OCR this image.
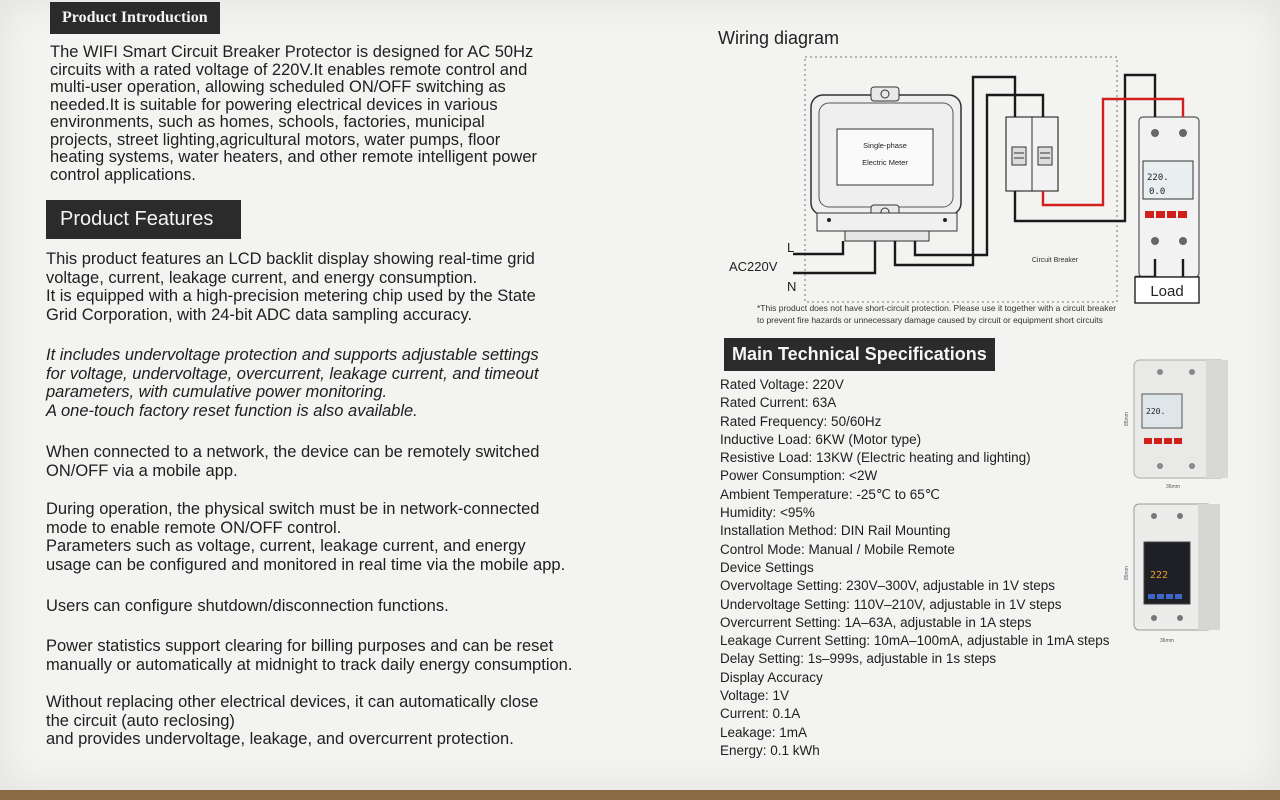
Product Introduction
The WIFI Smart Circuit Breaker Protector is designed for AC 50Hz
circuits with a rated voltage of 220V.It enables remote control and
multi-user operation, allowing scheduled ON/OFF switching as
needed.It is suitable for powering electrical devices in various
environments, such as homes, schools, factories, municipal
projects, street lighting,agricultural motors, water pumps, floor
heating systems, water heaters, and other remote intelligent power
control applications.
Product Features
This product features an LCD backlit display showing real-time grid
voltage, current, leakage current, and energy consumption.
It is equipped with a high-precision metering chip used by the State
Grid Corporation, with 24-bit ADC data sampling accuracy.
It includes undervoltage protection and supports adjustable settings
for voltage, undervoltage, overcurrent, leakage current, and timeout
parameters, with cumulative power monitoring.
A one-touch factory reset function is also available.
When connected to a network, the device can be remotely switched
ON/OFF via a mobile app.
During operation, the physical switch must be in network-connected
mode to enable remote ON/OFF control.
Parameters such as voltage, current, leakage current, and energy
usage can be configured and monitored in real time via the mobile app.
Users can configure shutdown/disconnection functions.
Power statistics support clearing for billing purposes and can be reset
manually or automatically at midnight to track daily energy consumption.
Without replacing other electrical devices, it can automatically close
the circuit (auto reclosing)
and provides undervoltage, leakage, and overcurrent protection.
Wiring diagram
Single-phase
Electric Meter
Circuit Breaker
220.
0.0
AC220V
L
N	Load
*This product does not have short-circuit protection. Please use it together with a circuit breaker
to prevent fire hazards or unnecessary damage caused by circuit or equipment short circuits
Main Technical Specifications
Rated Voltage: 220V
Rated Current: 63A
Rated Frequency: 50/60Hz
Inductive Load: 6KW (Motor type)
Resistive Load: 13KW (Electric heating and lighting)
Power Consumption: <2W
Ambient Temperature: -25℃ to 65℃
Humidity: <95%
Installation Method: DIN Rail Mounting
Control Mode: Manual / Mobile Remote
Device Settings
Overvoltage Setting: 230V–300V, adjustable in 1V steps
Undervoltage Setting: 110V–210V, adjustable in 1V steps
Overcurrent Setting: 1A–63A, adjustable in 1A steps
Leakage Current Setting: 10mA–100mA, adjustable in 1mA steps
Delay Setting: 1s–999s, adjustable in 1s steps
Display Accuracy
Voltage: 1V
Current: 0.1A
Leakage: 1mA
Energy: 0.1 kWh
220.
85mm
36mm
222
85mm
36mm
